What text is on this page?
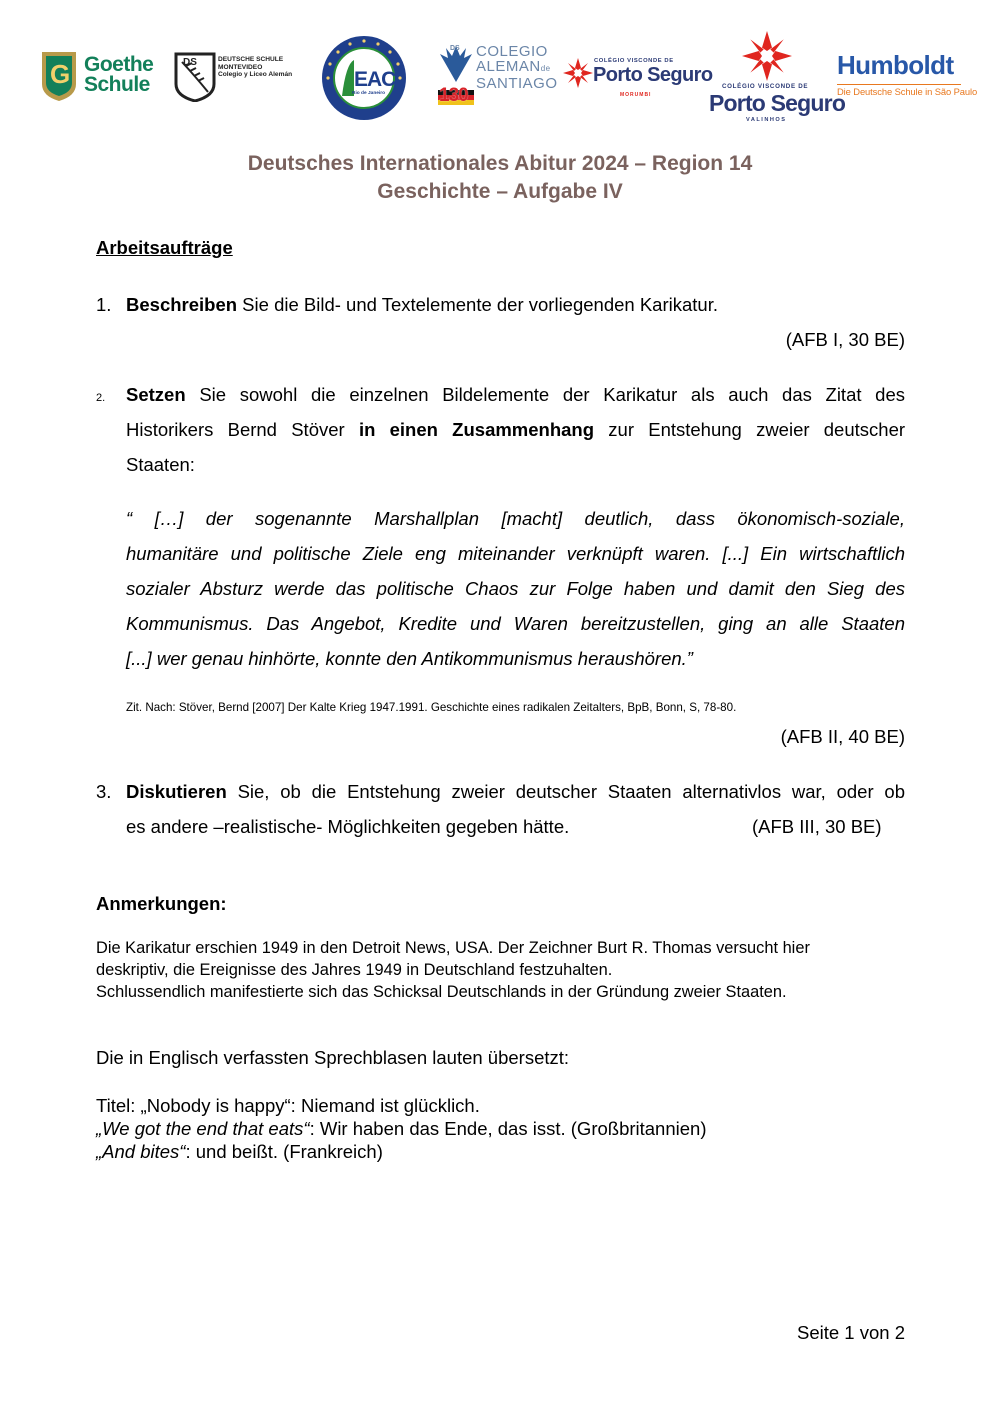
G Goethe
Schule
DS	DEUTSCHE SCHULE
MONTEVIDEO
Colegio y Liceo Alemán	EAC
Rio de Janeiro
DS COLEGIO
ALEMANde
SANTIAGO
130
COLÉGIO VISCONDE DE
Porto Seguro
MORUMBI
COLÉGIO VISCONDE DE
Porto Seguro
VALINHOS
Humboldt
Die Deutsche Schule in São Paulo
Deutsches Internationales Abitur 2024 – Region 14
Geschichte – Aufgabe IV
Arbeitsaufträge
1. Beschreiben Sie die Bild- und Textelemente der vorliegenden Karikatur.
(AFB I, 30 BE)
2. Setzen Sie sowohl die einzelnen Bildelemente der Karikatur als auch das Zitat des
Historikers Bernd Stöver in einen Zusammenhang zur Entstehung zweier deutscher
Staaten:
“ […] der sogenannte Marshallplan [macht] deutlich, dass ökonomisch-soziale,
humanitäre und politische Ziele eng miteinander verknüpft waren. [...] Ein wirtschaftlich
sozialer Absturz werde das politische Chaos zur Folge haben und damit den Sieg des
Kommunismus. Das Angebot, Kredite und Waren bereitzustellen, ging an alle Staaten
[...] wer genau hinhörte, konnte den Antikommunismus heraushören.”
Zit. Nach: Stöver, Bernd [2007] Der Kalte Krieg 1947.1991. Geschichte eines radikalen Zeitalters, BpB, Bonn, S, 78-80.
(AFB II, 40 BE)
3. Diskutieren Sie, ob die Entstehung zweier deutscher Staaten alternativlos war, oder ob
es andere –realistische- Möglichkeiten gegeben hätte.	(AFB III, 30 BE)
Anmerkungen:
Die Karikatur erschien 1949 in den Detroit News, USA. Der Zeichner Burt R. Thomas versucht hier
deskriptiv, die Ereignisse des Jahres 1949 in Deutschland festzuhalten.
Schlussendlich manifestierte sich das Schicksal Deutschlands in der Gründung zweier Staaten.
Die in Englisch verfassten Sprechblasen lauten übersetzt:
Titel: „Nobody is happy“: Niemand ist glücklich.
„We got the end that eats“: Wir haben das Ende, das isst. (Großbritannien)
„And bites“: und beißt. (Frankreich)
Seite 1 von 2
